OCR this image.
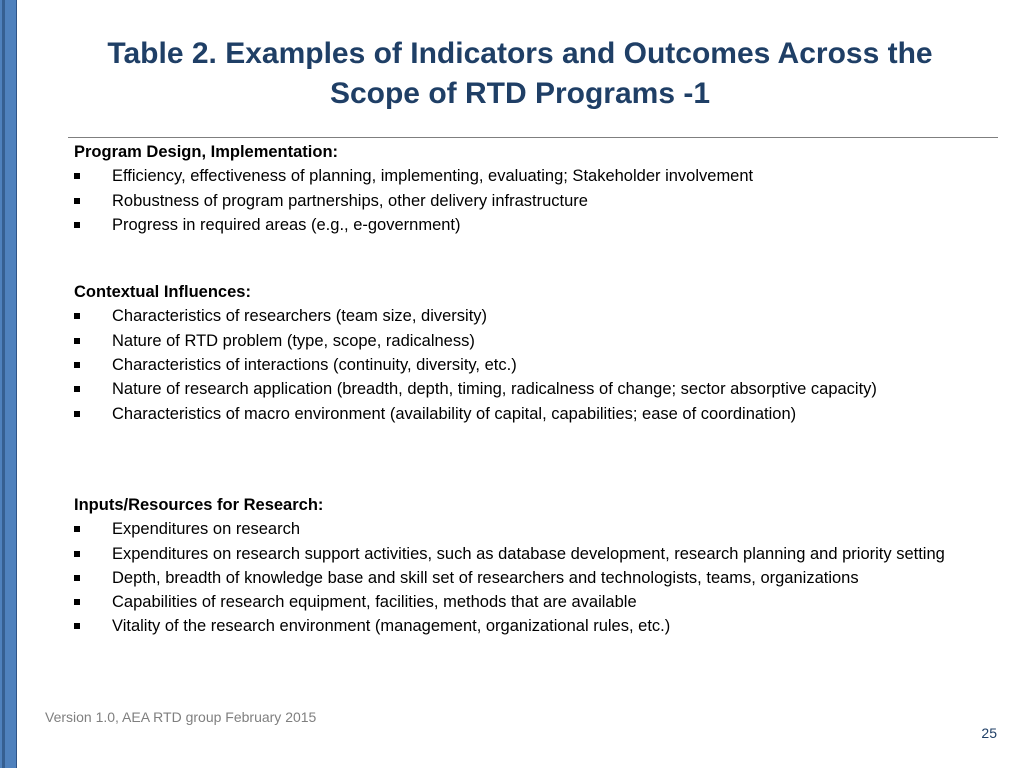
Table 2. Examples of Indicators and Outcomes Across the Scope of RTD Programs -1
Program Design, Implementation:
Efficiency, effectiveness of planning, implementing, evaluating; Stakeholder involvement
Robustness of program partnerships, other delivery infrastructure
Progress in required areas (e.g., e-government)
Contextual Influences:
Characteristics of researchers (team size, diversity)
Nature of RTD problem (type, scope, radicalness)
Characteristics of interactions (continuity, diversity, etc.)
Nature of research application (breadth, depth, timing, radicalness of change; sector absorptive capacity)
Characteristics of macro environment (availability of capital, capabilities; ease of coordination)
Inputs/Resources for Research:
Expenditures on research
Expenditures on research support activities, such as database development, research planning and priority setting
Depth, breadth of knowledge base and skill set of researchers and technologists, teams, organizations
Capabilities of research equipment, facilities, methods that are available
Vitality of the research environment (management, organizational rules, etc.)
Version 1.0, AEA RTD group February 2015
25
